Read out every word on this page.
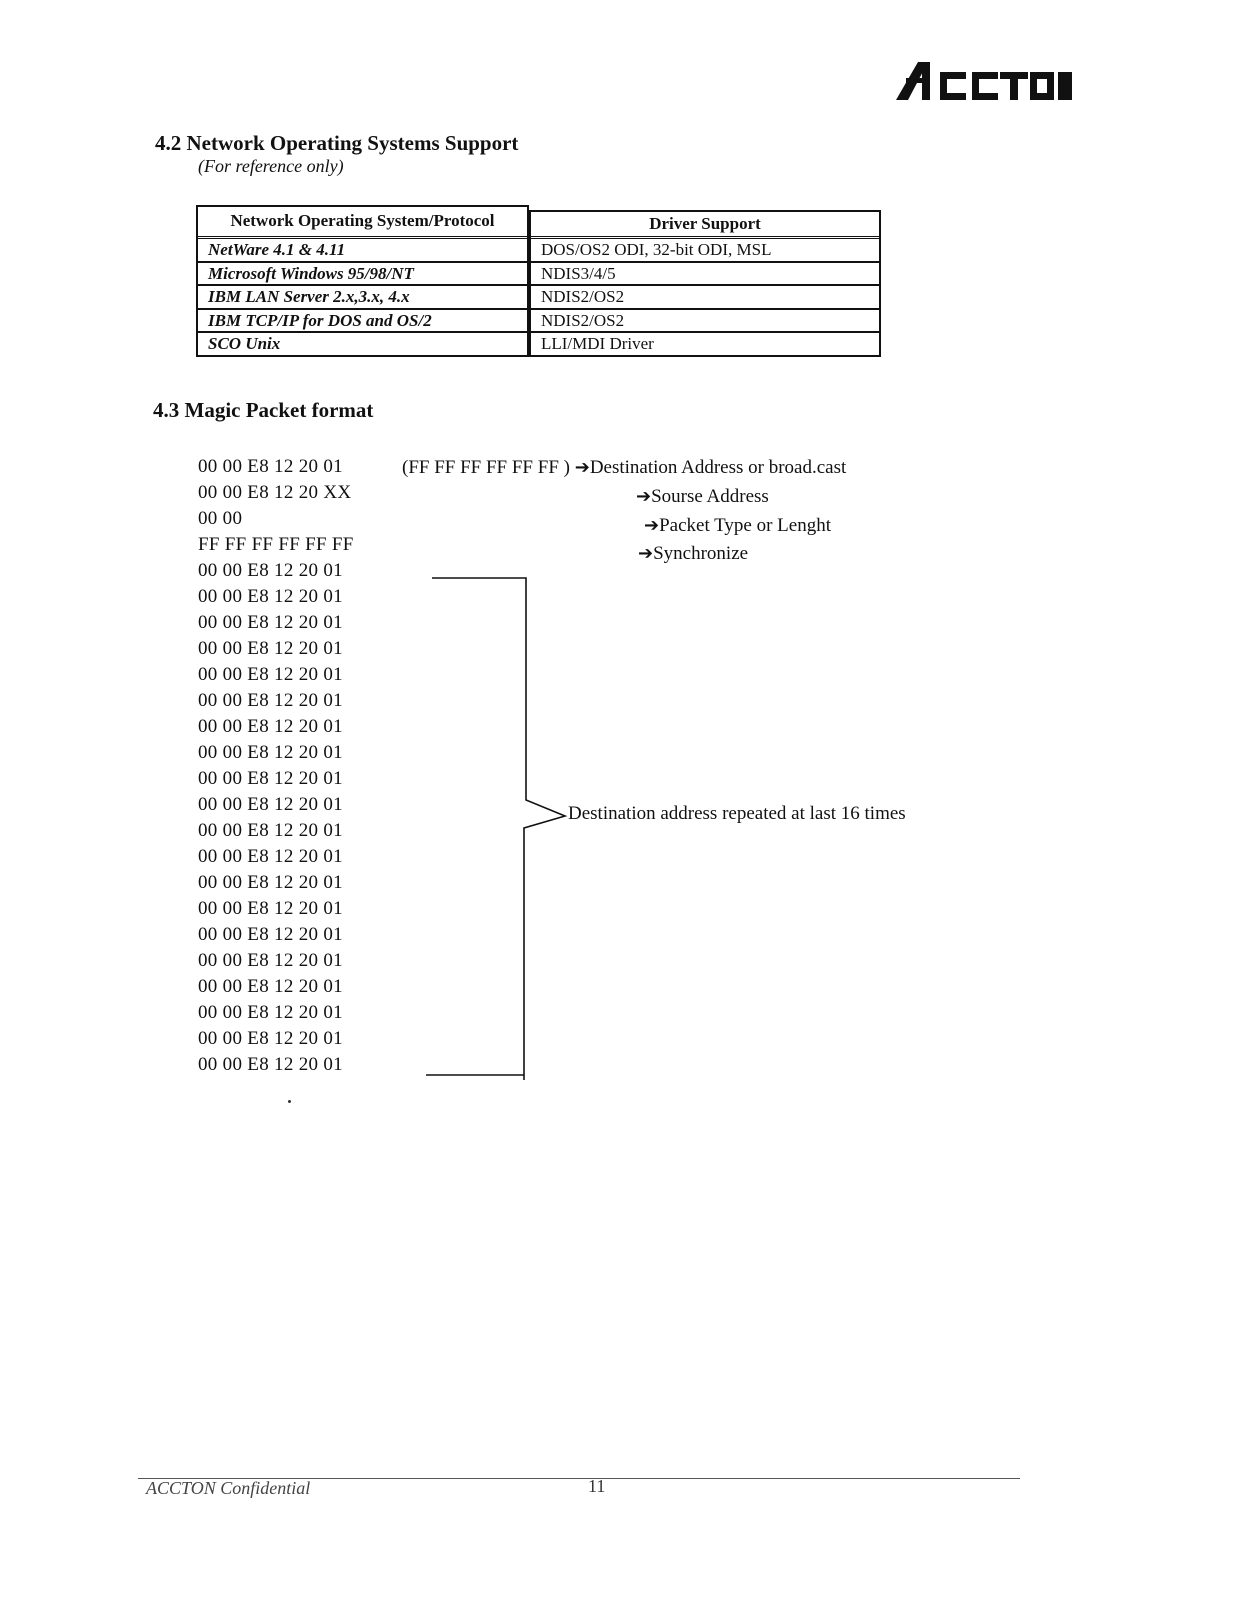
ACCTON
4.2 Network Operating Systems Support
(For reference only)
Network Operating System/Protocol
NetWare 4.1 & 4.11
Microsoft Windows 95/98/NT
IBM LAN Server 2.x,3.x, 4.x
IBM TCP/IP for DOS and OS/2
SCO Unix
Driver Support
DOS/OS2 ODI, 32-bit ODI, MSL
NDIS3/4/5
NDIS2/OS2
NDIS2/OS2
LLI/MDI Driver
4.3 Magic Packet format
00 00 E8 12 20 01
00 00 E8 12 20 XX
00 00
FF FF FF FF FF FF
00 00 E8 12 20 01
00 00 E8 12 20 01
00 00 E8 12 20 01
00 00 E8 12 20 01
00 00 E8 12 20 01
00 00 E8 12 20 01
00 00 E8 12 20 01
00 00 E8 12 20 01
00 00 E8 12 20 01
00 00 E8 12 20 01
00 00 E8 12 20 01
00 00 E8 12 20 01
00 00 E8 12 20 01
00 00 E8 12 20 01
00 00 E8 12 20 01
00 00 E8 12 20 01
00 00 E8 12 20 01
00 00 E8 12 20 01
00 00 E8 12 20 01
00 00 E8 12 20 01
(FF FF FF FF FF FF ) ➔Destination Address or broad.cast
➔Sourse Address
➔Packet Type or Lenght
➔Synchronize
Destination address repeated at last 16 times
ACCTON Confidential	11
